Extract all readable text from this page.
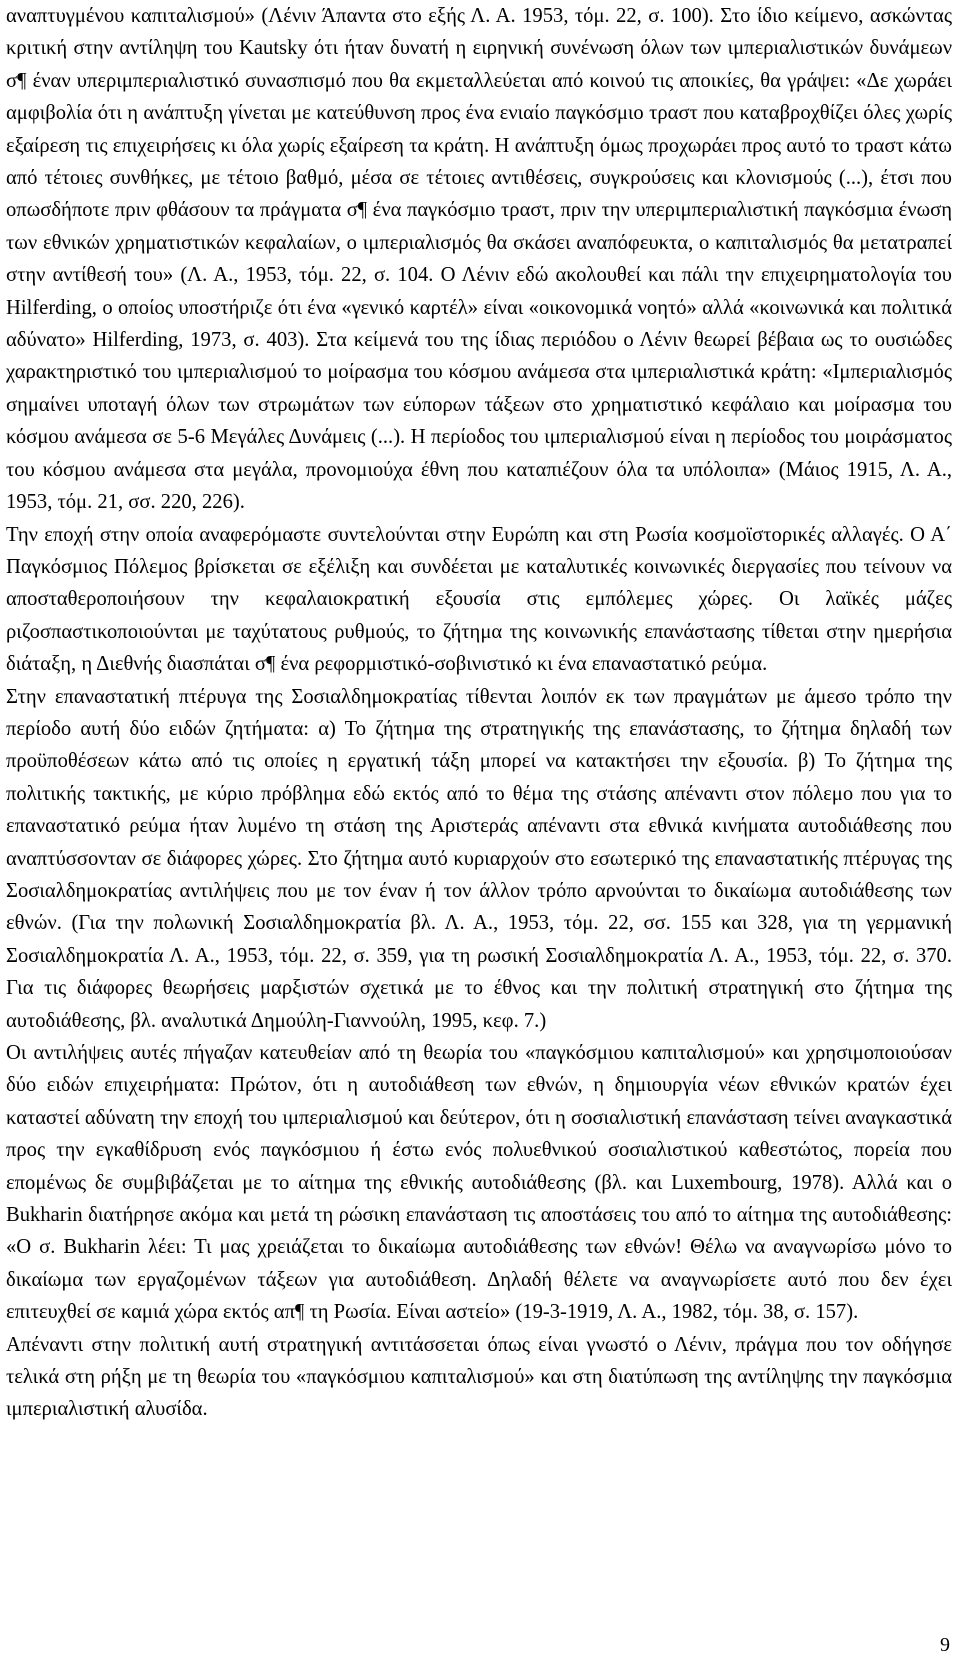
αναπτυγμένου καπιταλισμού» (Λένιν Άπαντα στο εξής Λ. Α. 1953, τόμ. 22, σ. 100). Στο ίδιο κείμενο, ασκώντας κριτική στην αντίληψη του Kautsky ότι ήταν δυνατή η ειρηνική συνένωση όλων των ιμπεριαλιστικών δυνάμεων σ¶ έναν υπεριμπεριαλιστικό συνασπισμό που θα εκμεταλλεύεται από κοινού τις αποικίες, θα γράψει: «Δε χωράει αμφιβολία ότι η ανάπτυξη γίνεται με κατεύθυνση προς ένα ενιαίο παγκόσμιο τραστ που καταβροχθίζει όλες χωρίς εξαίρεση τις επιχειρήσεις κι όλα χωρίς εξαίρεση τα κράτη. Η ανάπτυξη όμως προχωράει προς αυτό το τραστ κάτω από τέτοιες συνθήκες, με τέτοιο βαθμό, μέσα σε τέτοιες αντιθέσεις, συγκρούσεις και κλονισμούς (...), έτσι που οπωσδήποτε πριν φθάσουν τα πράγματα σ¶ ένα παγκόσμιο τραστ, πριν την υπεριμπεριαλιστική παγκόσμια ένωση των εθνικών χρηματιστικών κεφαλαίων, ο ιμπεριαλισμός θα σκάσει αναπόφευκτα, ο καπιταλισμός θα μετατραπεί στην αντίθεσή του» (Λ. Α., 1953, τόμ. 22, σ. 104. Ο Λένιν εδώ ακολουθεί και πάλι την επιχειρηματολογία του Hilferding, ο οποίος υποστήριζε ότι ένα «γενικό καρτέλ» είναι «οικονομικά νοητό» αλλά «κοινωνικά και πολιτικά αδύνατο» Hilferding, 1973, σ. 403). Στα κείμενά του της ίδιας περιόδου ο Λένιν θεωρεί βέβαια ως το ουσιώδες χαρακτηριστικό του ιμπεριαλισμού το μοίρασμα του κόσμου ανάμεσα στα ιμπεριαλιστικά κράτη: «Ιμπεριαλισμός σημαίνει υποταγή όλων των στρωμάτων των εύπορων τάξεων στο χρηματιστικό κεφάλαιο και μοίρασμα του κόσμου ανάμεσα σε 5-6 Μεγάλες Δυνάμεις (...). Η περίοδος του ιμπεριαλισμού είναι η περίοδος του μοιράσματος του κόσμου ανάμεσα στα μεγάλα, προνομιούχα έθνη που καταπιέζουν όλα τα υπόλοιπα» (Μάιος 1915, Λ. Α., 1953, τόμ. 21, σσ. 220, 226).

Την εποχή στην οποία αναφερόμαστε συντελούνται στην Ευρώπη και στη Ρωσία κοσμοϊστορικές αλλαγές. Ο Α΄ Παγκόσμιος Πόλεμος βρίσκεται σε εξέλιξη και συνδέεται με καταλυτικές κοινωνικές διεργασίες που τείνουν να αποσταθεροποιήσουν την κεφαλαιοκρατική εξουσία στις εμπόλεμες χώρες. Οι λαϊκές μάζες ριζοσπαστικοποιούνται με ταχύτατους ρυθμούς, το ζήτημα της κοινωνικής επανάστασης τίθεται στην ημερήσια διάταξη, η Διεθνής διασπάται σ¶ ένα ρεφορμιστικό-σοβινιστικό κι ένα επαναστατικό ρεύμα.

Στην επαναστατική πτέρυγα της Σοσιαλδημοκρατίας τίθενται λοιπόν εκ των πραγμάτων με άμεσο τρόπο την περίοδο αυτή δύο ειδών ζητήματα: α) Το ζήτημα της στρατηγικής της επανάστασης, το ζήτημα δηλαδή των προϋποθέσεων κάτω από τις οποίες η εργατική τάξη μπορεί να κατακτήσει την εξουσία. β) Το ζήτημα της πολιτικής τακτικής, με κύριο πρόβλημα εδώ εκτός από το θέμα της στάσης απέναντι στον πόλεμο που για το επαναστατικό ρεύμα ήταν λυμένο τη στάση της Αριστεράς απέναντι στα εθνικά κινήματα αυτοδιάθεσης που αναπτύσσονταν σε διάφορες χώρες. Στο ζήτημα αυτό κυριαρχούν στο εσωτερικό της επαναστατικής πτέρυγας της Σοσιαλδημοκρατίας αντιλήψεις που με τον έναν ή τον άλλον τρόπο αρνούνται το δικαίωμα αυτοδιάθεσης των εθνών. (Για την πολωνική Σοσιαλδημοκρατία βλ. Λ. Α., 1953, τόμ. 22, σσ. 155 και 328, για τη γερμανική Σοσιαλδημοκρατία Λ. Α., 1953, τόμ. 22, σ. 359, για τη ρωσική Σοσιαλδημοκρατία Λ. Α., 1953, τόμ. 22, σ. 370. Για τις διάφορες θεωρήσεις μαρξιστών σχετικά με το έθνος και την πολιτική στρατηγική στο ζήτημα της αυτοδιάθεσης, βλ. αναλυτικά Δημούλη-Γιαννούλη, 1995, κεφ. 7.)

Οι αντιλήψεις αυτές πήγαζαν κατευθείαν από τη θεωρία του «παγκόσμιου καπιταλισμού» και χρησιμοποιούσαν δύο ειδών επιχειρήματα: Πρώτον, ότι η αυτοδιάθεση των εθνών, η δημιουργία νέων εθνικών κρατών έχει καταστεί αδύνατη την εποχή του ιμπεριαλισμού και δεύτερον, ότι η σοσιαλιστική επανάσταση τείνει αναγκαστικά προς την εγκαθίδρυση ενός παγκόσμιου ή έστω ενός πολυεθνικού σοσιαλιστικού καθεστώτος, πορεία που επομένως δε συμβιβάζεται με το αίτημα της εθνικής αυτοδιάθεσης (βλ. και Luxembourg, 1978). Αλλά και ο Bukharin διατήρησε ακόμα και μετά τη ρώσικη επανάσταση τις αποστάσεις του από το αίτημα της αυτοδιάθεσης: «Ο σ. Bukharin λέει: Τι μας χρειάζεται το δικαίωμα αυτοδιάθεσης των εθνών! Θέλω να αναγνωρίσω μόνο το δικαίωμα των εργαζομένων τάξεων για αυτοδιάθεση. Δηλαδή θέλετε να αναγνωρίσετε αυτό που δεν έχει επιτευχθεί σε καμιά χώρα εκτός απ¶ τη Ρωσία. Είναι αστείο» (19-3-1919, Λ. Α., 1982, τόμ. 38, σ. 157).

Απέναντι στην πολιτική αυτή στρατηγική αντιτάσσεται όπως είναι γνωστό ο Λένιν, πράγμα που τον οδήγησε τελικά στη ρήξη με τη θεωρία του «παγκόσμιου καπιταλισμού» και στη διατύπωση της αντίληψης την παγκόσμια ιμπεριαλιστική αλυσίδα.

9
